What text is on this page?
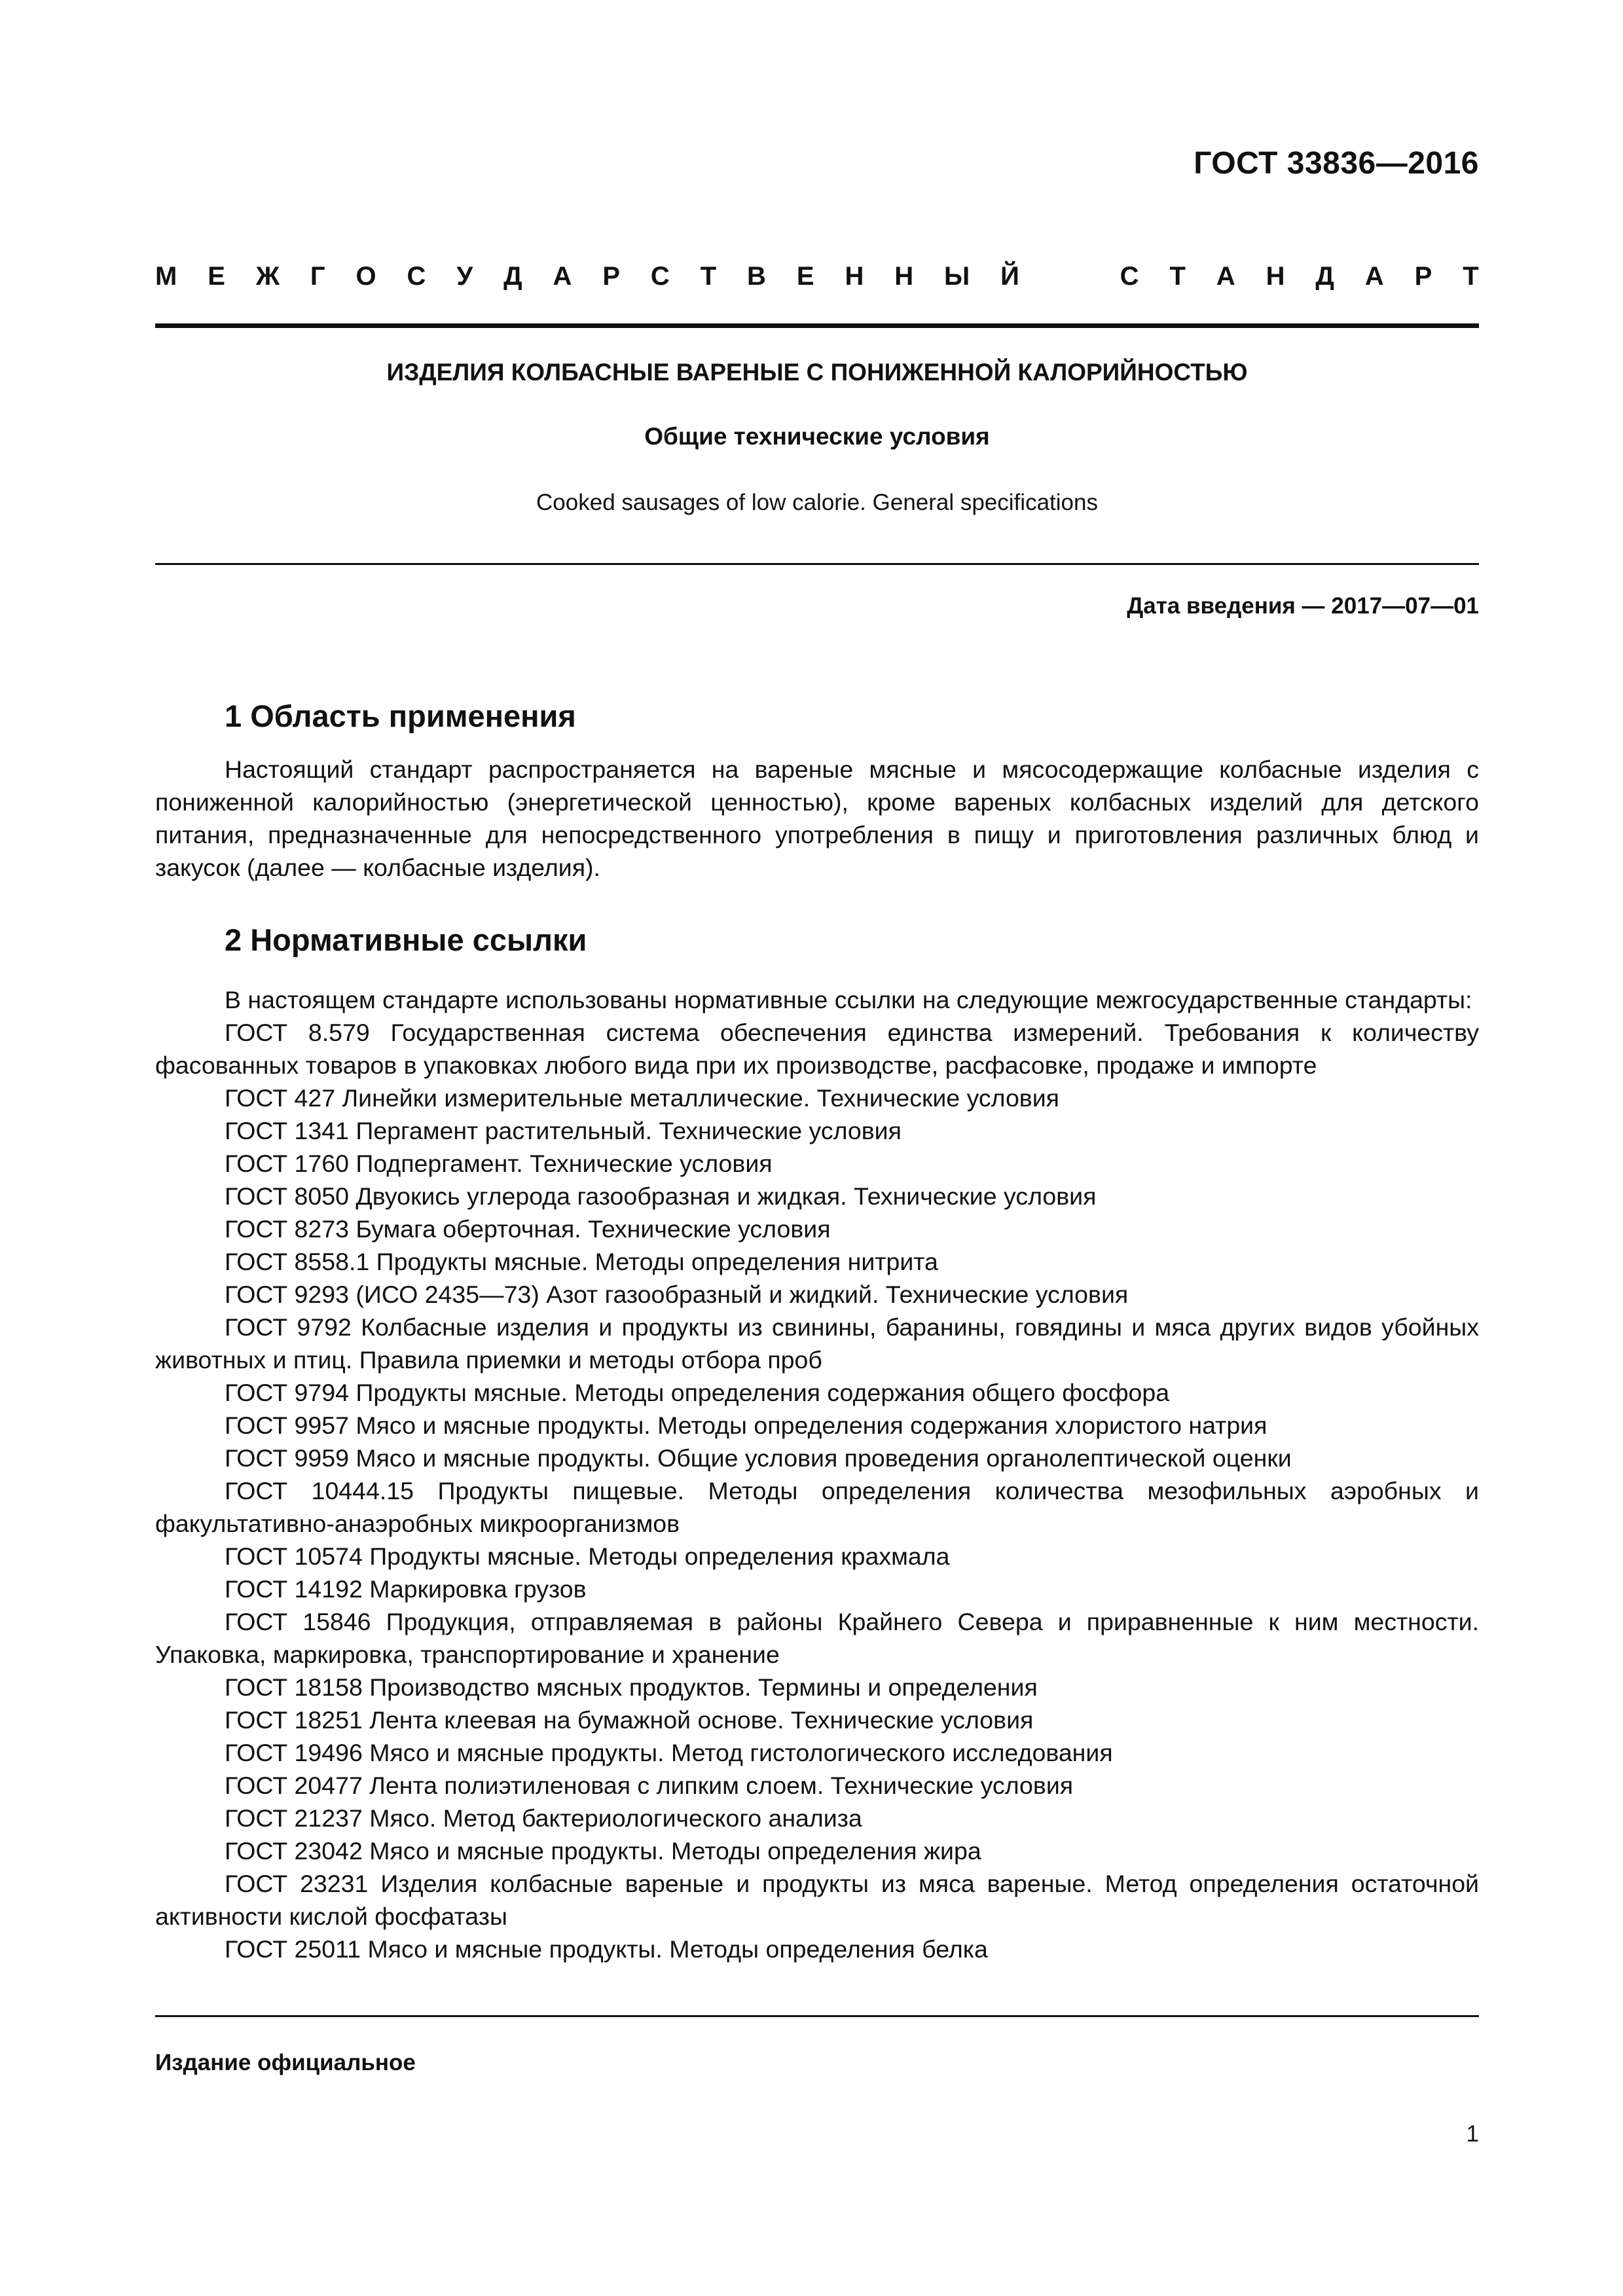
ГОСТ 33836—2016
М Е Ж Г О С У Д А Р С Т В Е Н Н Ы Й	С Т А Н Д А Р Т
ИЗДЕЛИЯ КОЛБАСНЫЕ ВАРЕНЫЕ С ПОНИЖЕННОЙ КАЛОРИЙНОСТЬЮ
Общие технические условия
Cooked sausages of low calorie. General specifications
Дата введения — 2017—07—01
1 Область применения

Настоящий стандарт распространяется на вареные мясные и мясосодержащие колбасные изделия с пониженной калорийностью (энергетической ценностью), кроме вареных колбасных изделий для детского питания, предназначенные для непосредственного употребления в пищу и приготовления различных блюд и закусок (далее — колбасные изделия).

2 Нормативные ссылки

В настоящем стандарте использованы нормативные ссылки на следующие межгосударственные стандарты:

ГОСТ 8.579 Государственная система обеспечения единства измерений. Требования к количеству фасованных товаров в упаковках любого вида при их производстве, расфасовке, продаже и импорте

ГОСТ 427 Линейки измерительные металлические. Технические условия

ГОСТ 1341 Пергамент растительный. Технические условия

ГОСТ 1760 Подпергамент. Технические условия

ГОСТ 8050 Двуокись углерода газообразная и жидкая. Технические условия

ГОСТ 8273 Бумага оберточная. Технические условия

ГОСТ 8558.1 Продукты мясные. Методы определения нитрита

ГОСТ 9293 (ИСО 2435—73) Азот газообразный и жидкий. Технические условия

ГОСТ 9792 Колбасные изделия и продукты из свинины, баранины, говядины и мяса других видов убойных животных и птиц. Правила приемки и методы отбора проб

ГОСТ 9794 Продукты мясные. Методы определения содержания общего фосфора

ГОСТ 9957 Мясо и мясные продукты. Методы определения содержания хлористого натрия

ГОСТ 9959 Мясо и мясные продукты. Общие условия проведения органолептической оценки

ГОСТ 10444.15 Продукты пищевые. Методы определения количества мезофильных аэробных и факультативно-анаэробных микроорганизмов

ГОСТ 10574 Продукты мясные. Методы определения крахмала

ГОСТ 14192 Маркировка грузов

ГОСТ 15846 Продукция, отправляемая в районы Крайнего Севера и приравненные к ним местности. Упаковка, маркировка, транспортирование и хранение

ГОСТ 18158 Производство мясных продуктов. Термины и определения

ГОСТ 18251 Лента клеевая на бумажной основе. Технические условия

ГОСТ 19496 Мясо и мясные продукты. Метод гистологического исследования

ГОСТ 20477 Лента полиэтиленовая с липким слоем. Технические условия

ГОСТ 21237 Мясо. Метод бактериологического анализа

ГОСТ 23042 Мясо и мясные продукты. Методы определения жира

ГОСТ 23231 Изделия колбасные вареные и продукты из мяса вареные. Метод определения остаточной активности кислой фосфатазы

ГОСТ 25011 Мясо и мясные продукты. Методы определения белка

Издание официальное
1
